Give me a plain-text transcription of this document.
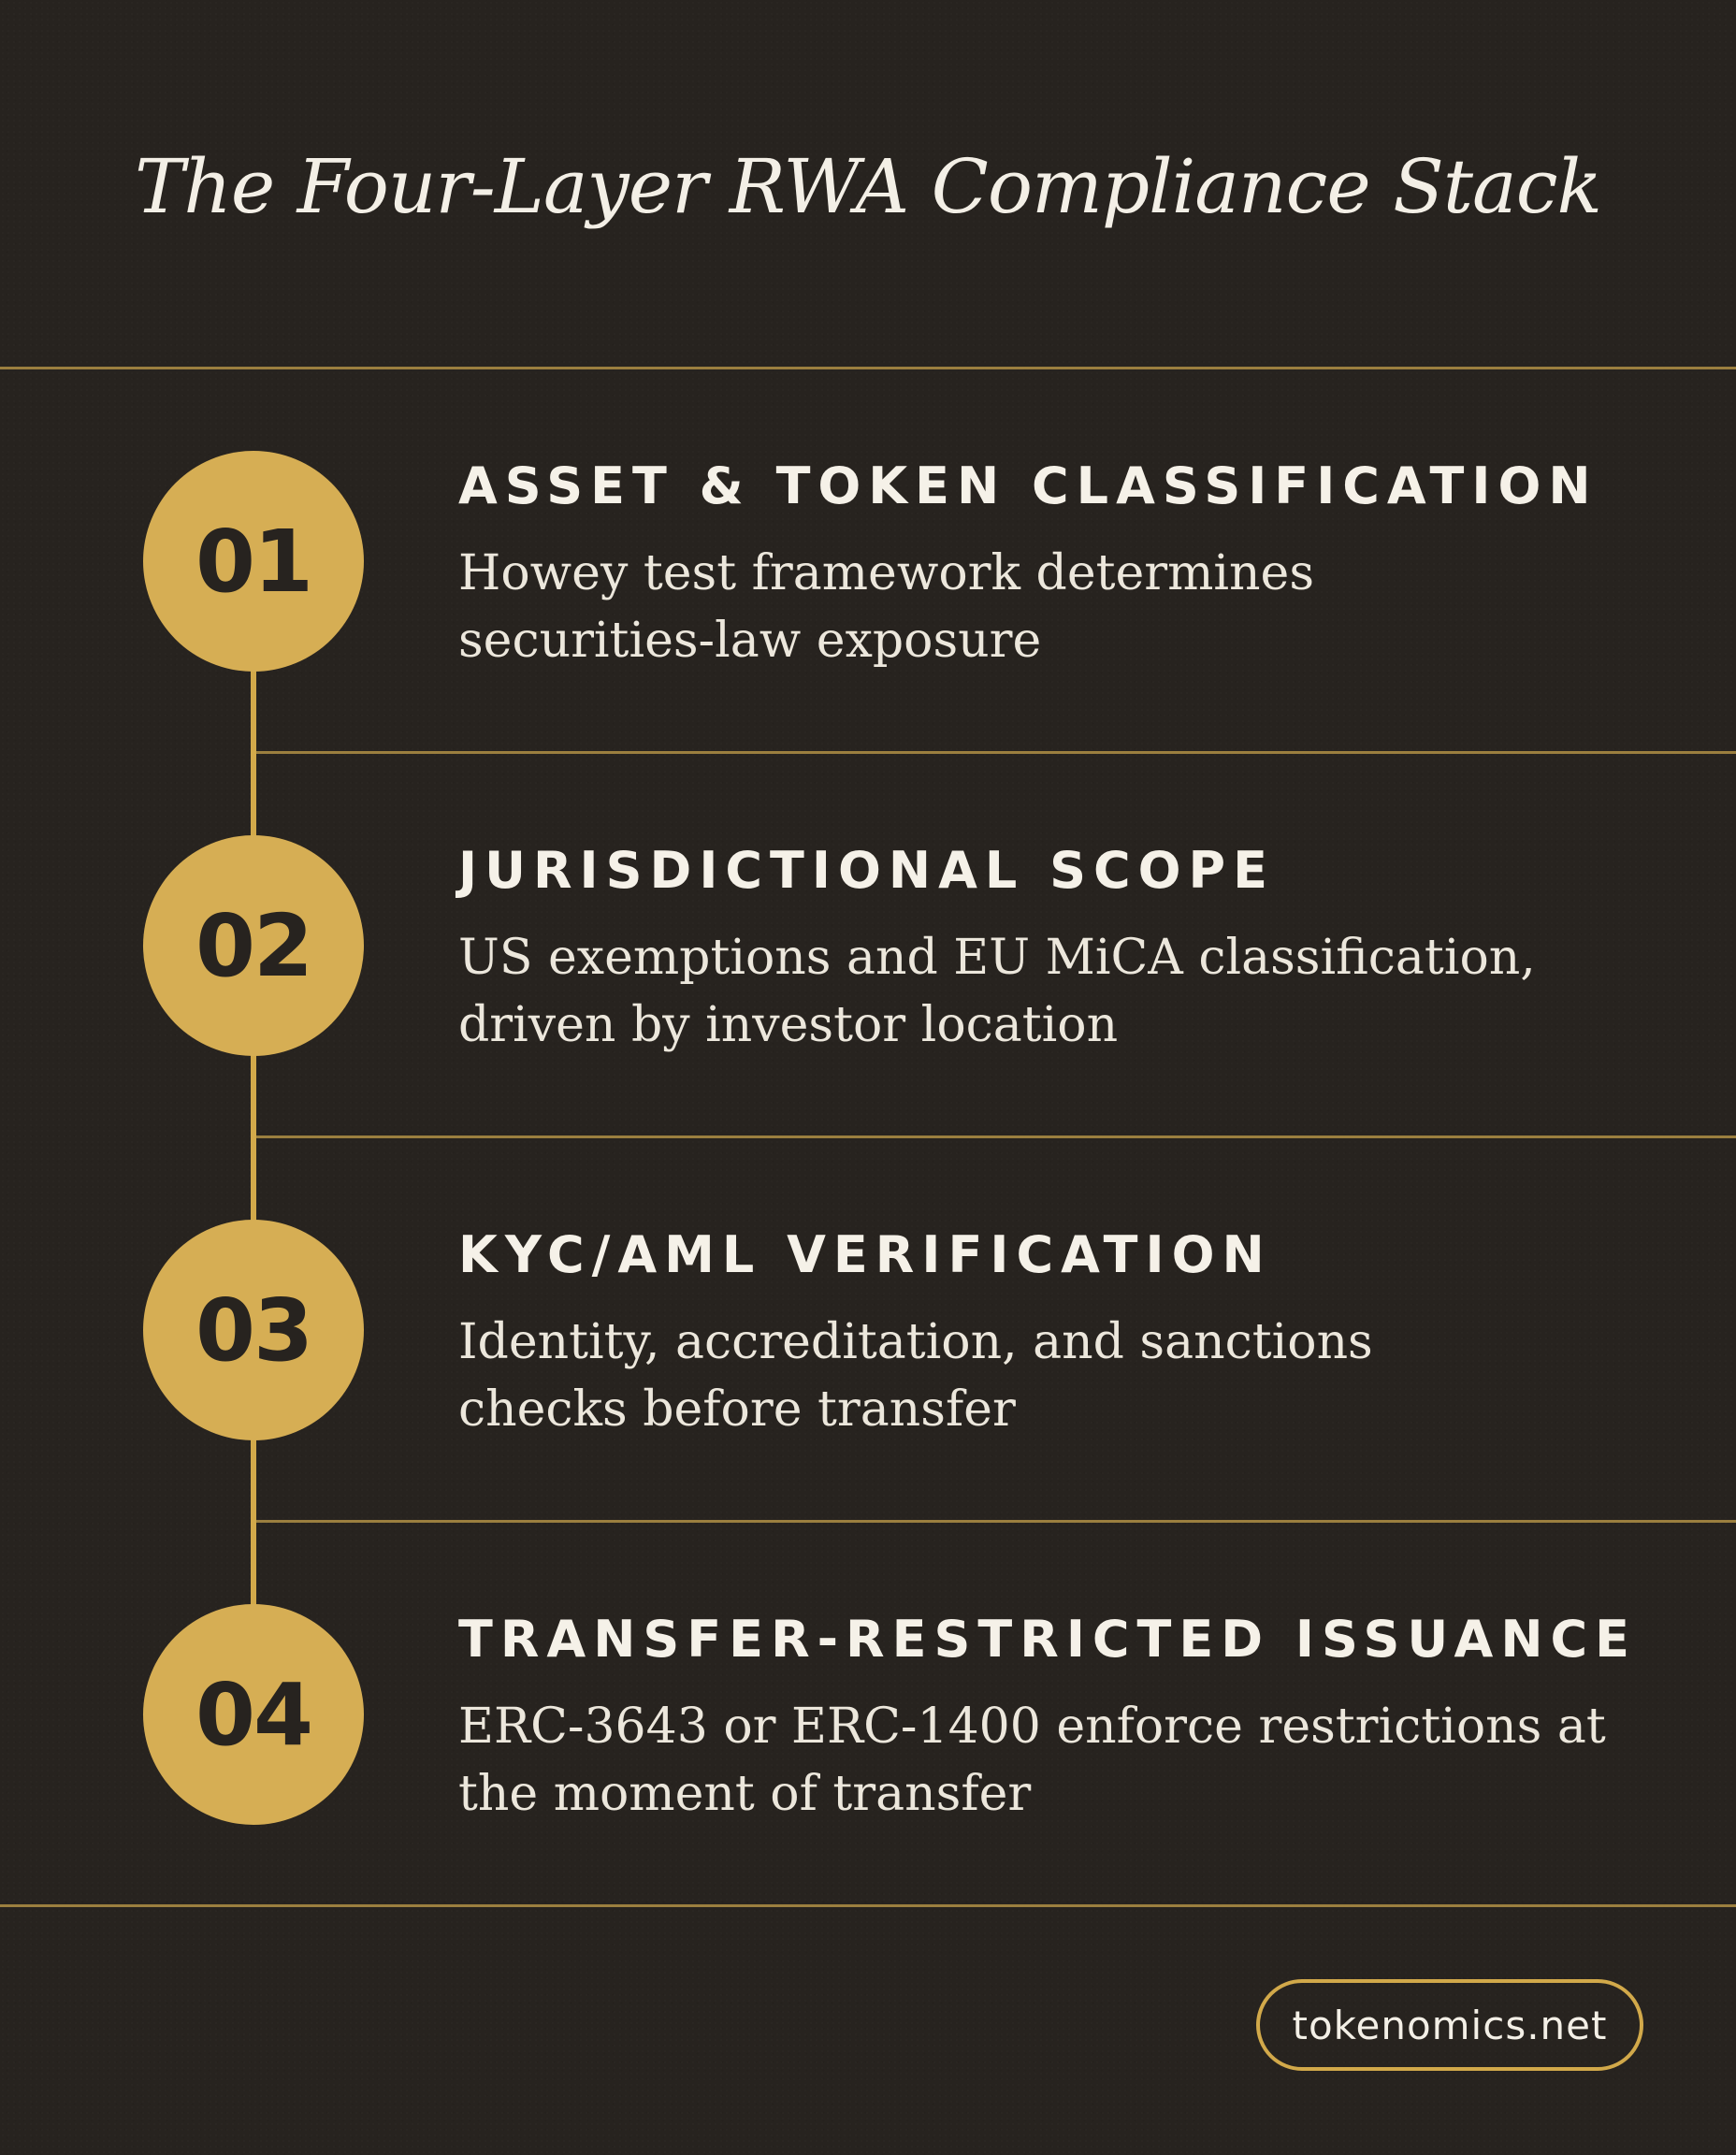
The Four-Layer RWA Compliance Stack
01
ASSET & TOKEN CLASSIFICATION
Howey test framework determines securities-law exposure
02
JURISDICTIONAL SCOPE
US exemptions and EU MiCA classification, driven by investor location
03
KYC/AML VERIFICATION
Identity, accreditation, and sanctions checks before transfer
04
TRANSFER-RESTRICTED ISSUANCE
ERC-3643 or ERC-1400 enforce restrictions at the moment of transfer
tokenomics.net
